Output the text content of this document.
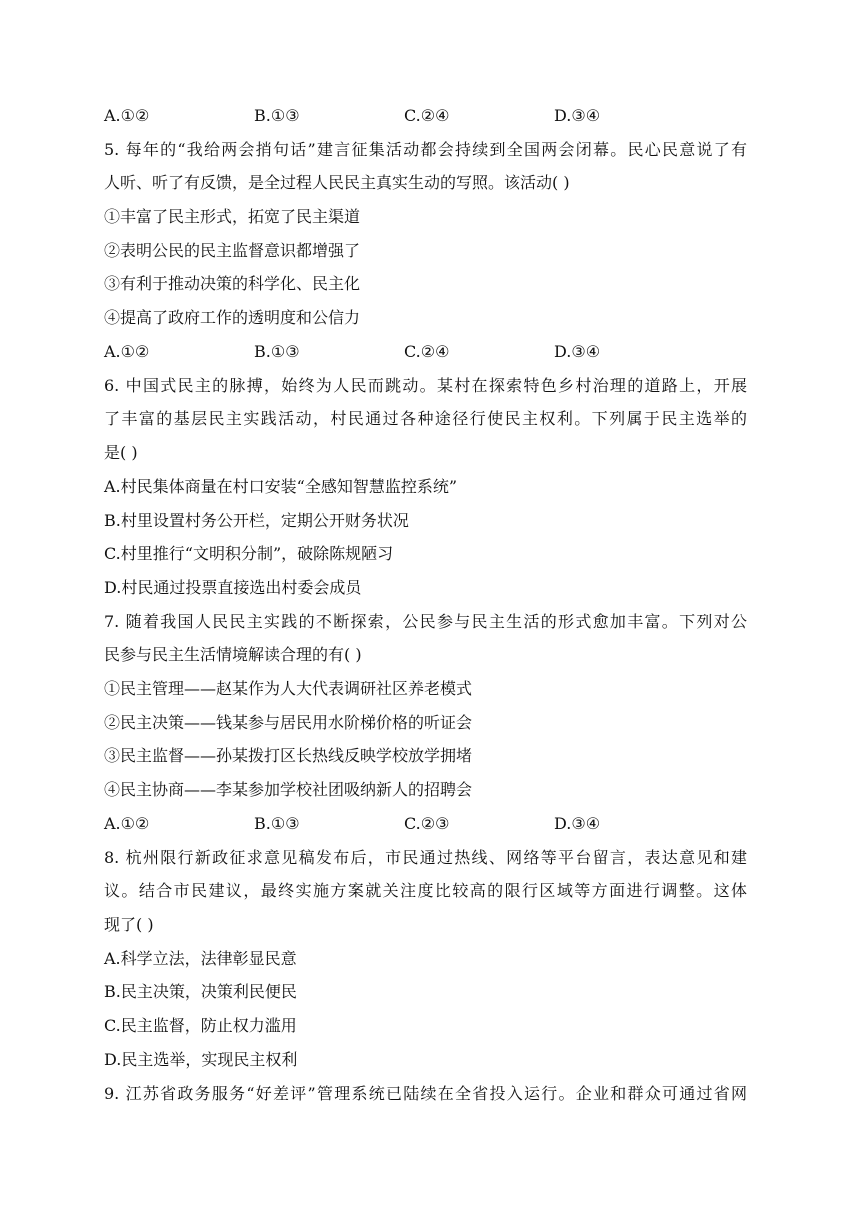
A.①②	B.①③	C.②④	D.③④
5. 每年的“我给两会捎句话”建言征集活动都会持续到全国两会闭幕。民心民意说了有
人听、听了有反馈，是全过程人民民主真实生动的写照。该活动( )
①丰富了民主形式，拓宽了民主渠道
②表明公民的民主监督意识都增强了
③有利于推动决策的科学化、民主化
④提高了政府工作的透明度和公信力
A.①②	B.①③	C.②④	D.③④
6. 中国式民主的脉搏，始终为人民而跳动。某村在探索特色乡村治理的道路上，开展
了丰富的基层民主实践活动，村民通过各种途径行使民主权利。下列属于民主选举的
是( )
A.村民集体商量在村口安装“全感知智慧监控系统”
B.村里设置村务公开栏，定期公开财务状况
C.村里推行“文明积分制”，破除陈规陋习
D.村民通过投票直接选出村委会成员
7. 随着我国人民民主实践的不断探索，公民参与民主生活的形式愈加丰富。下列对公
民参与民主生活情境解读合理的有( )
①民主管理——赵某作为人大代表调研社区养老模式
②民主决策——钱某参与居民用水阶梯价格的听证会
③民主监督——孙某拨打区长热线反映学校放学拥堵
④民主协商——李某参加学校社团吸纳新人的招聘会
A.①②	B.①③	C.②③	D.③④
8. 杭州限行新政征求意见稿发布后，市民通过热线、网络等平台留言，表达意见和建
议。结合市民建议，最终实施方案就关注度比较高的限行区域等方面进行调整。这体
现了( )
A.科学立法，法律彰显民意
B.民主决策，决策利民便民
C.民主监督，防止权力滥用
D.民主选举，实现民主权利
9. 江苏省政务服务“好差评”管理系统已陆续在全省投入运行。企业和群众可通过省网
